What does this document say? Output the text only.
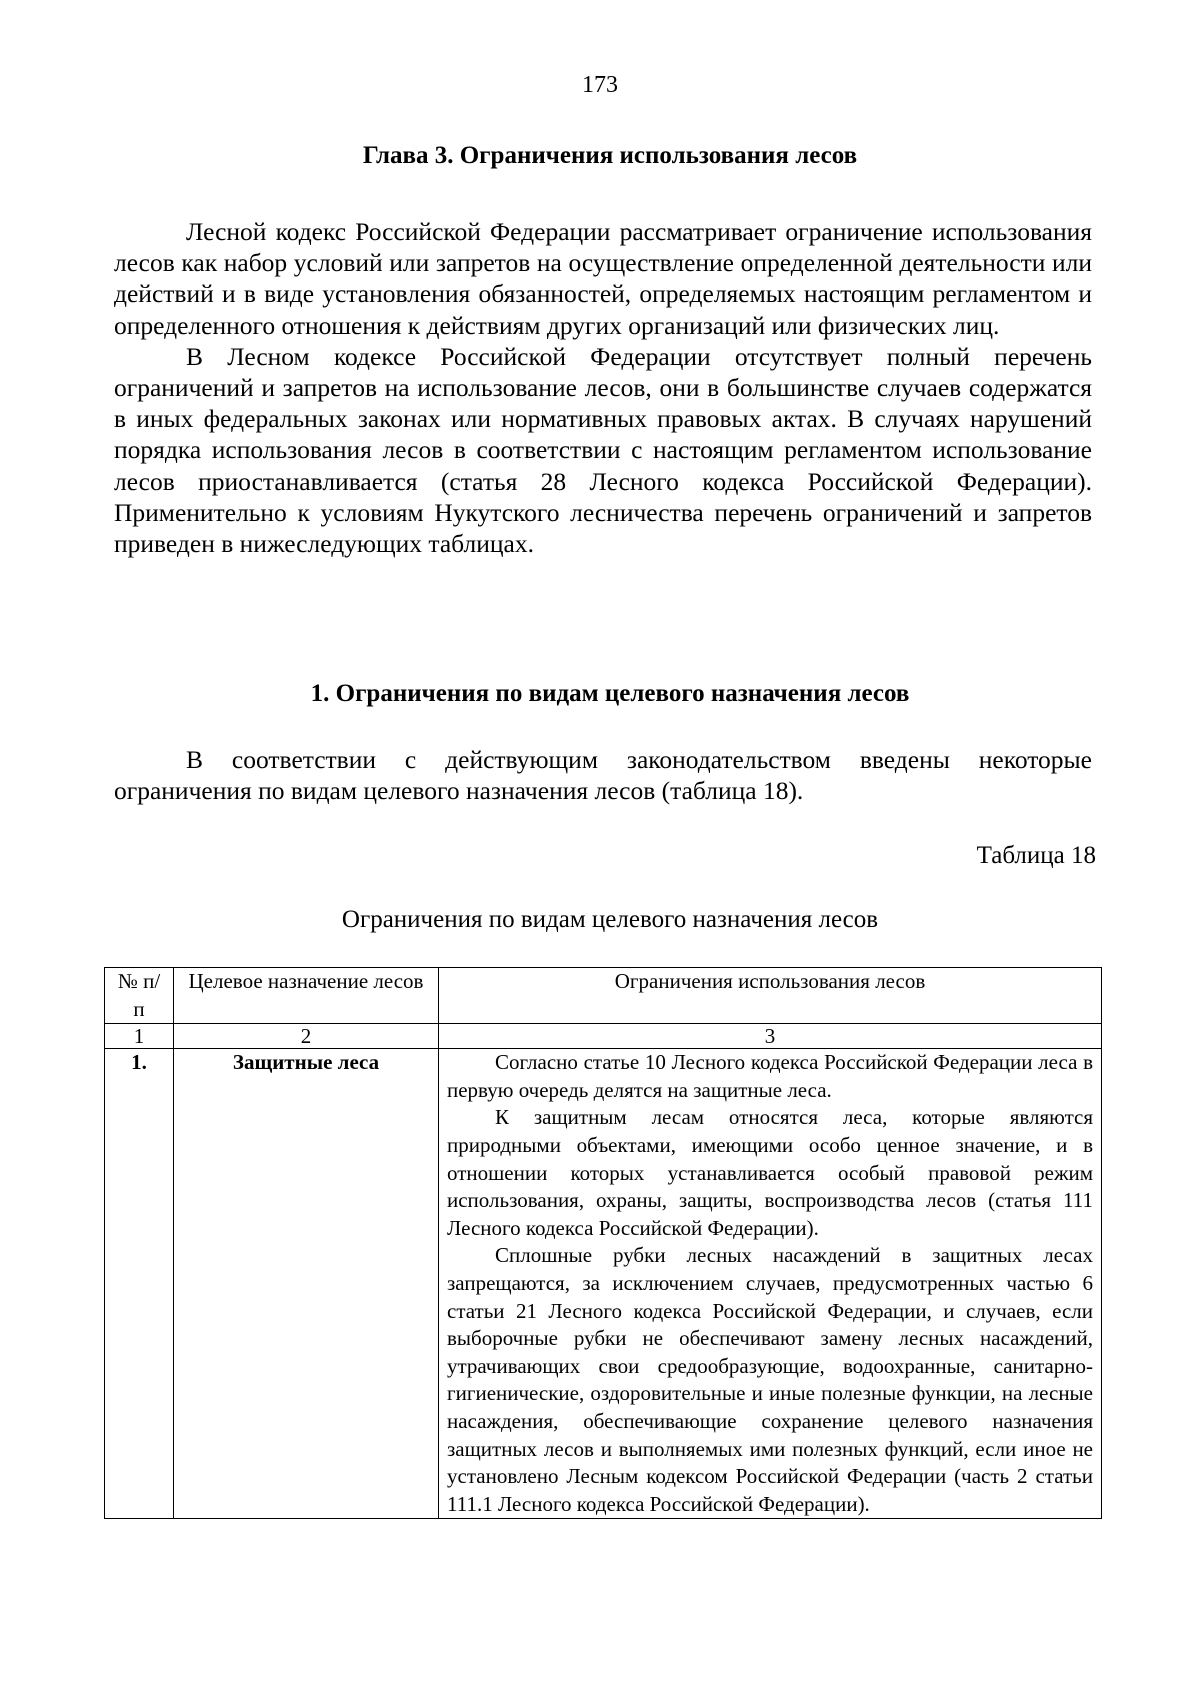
173
Глава 3. Ограничения использования лесов

Лесной кодекс Российской Федерации рассматривает ограничение использования лесов как набор условий или запретов на осуществление определенной деятельности или действий и в виде установления обязанностей, определяемых настоящим регламентом и определенного отношения к действиям других организаций или физических лиц.

В Лесном кодексе Российской Федерации отсутствует полный перечень ограничений и запретов на использование лесов, они в большинстве случаев содержатся в иных федеральных законах или нормативных правовых актах. В случаях нарушений порядка использования лесов в соответствии с настоящим регламентом использование лесов приостанавливается (статья 28 Лесного кодекса Российской Федерации). Применительно к условиям Нукутского лесничества перечень ограничений и запретов приведен в нижеследующих таблицах.

1. Ограничения по видам целевого назначения лесов

В соответствии с действующим законодательством введены некоторые ограничения по видам целевого назначения лесов (таблица 18).

Таблица 18
Ограничения по видам целевого назначения лесов
№ п/п	Целевое назначение лесов	Ограничения использования лесов
1	2	3
1.	Защитные леса	Согласно статье 10 Лесного кодекса Российской Федерации леса в первую очередь делятся на защитные леса.

К защитным лесам относятся леса, которые являются природными объектами, имеющими особо ценное значение, и в отношении которых устанавливается особый правовой режим использования, охраны, защиты, воспроизводства лесов (статья 111 Лесного кодекса Российской Федерации).

Сплошные рубки лесных насаждений в защитных лесах запрещаются, за исключением случаев, предусмотренных частью 6 статьи 21 Лесного кодекса Российской Федерации, и случаев, если выборочные рубки не обеспечивают замену лесных насаждений, утрачивающих свои средообразующие, водоохранные, санитарно-гигиенические, оздоровительные и иные полезные функции, на лесные насаждения, обеспечивающие сохранение целевого назначения защитных лесов и выполняемых ими полезных функций, если иное не установлено Лесным кодексом Российской Федерации (часть 2 статьи 111.1 Лесного кодекса Российской Федерации).
